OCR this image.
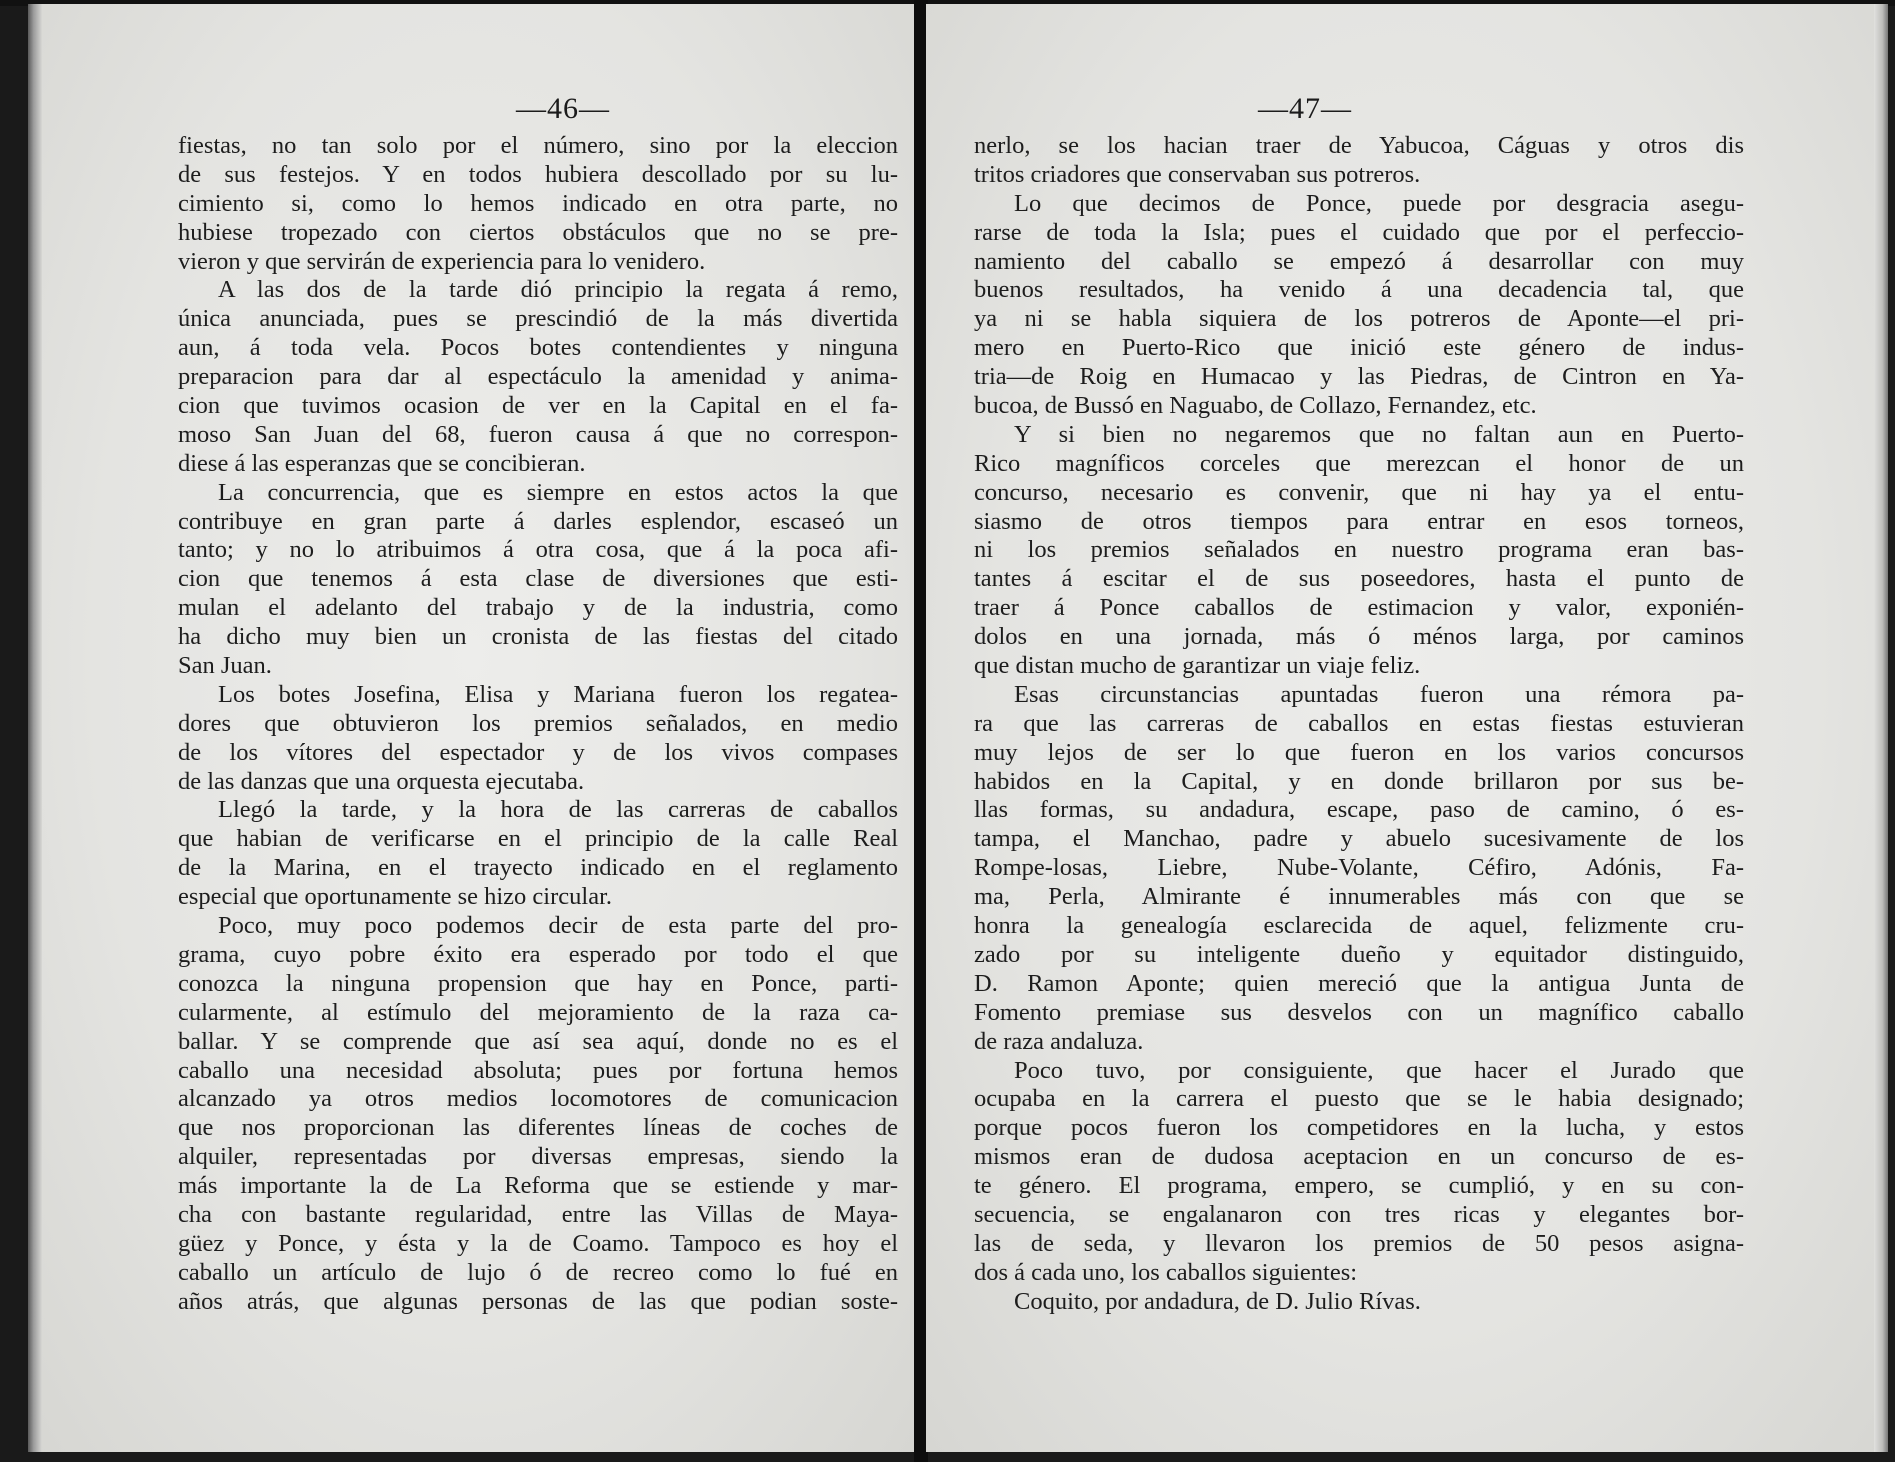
—46—
fiestas, no tan solo por el número, sino por la eleccion
de sus festejos. Y en todos hubiera descollado por su lu-
cimiento si, como lo hemos indicado en otra parte, no
hubiese tropezado con ciertos obstáculos que no se pre-
vieron y que servirán de experiencia para lo venidero.
A las dos de la tarde dió principio la regata á remo,
única anunciada, pues se prescindió de la más divertida
aun, á toda vela. Pocos botes contendientes y ninguna
preparacion para dar al espectáculo la amenidad y anima-
cion que tuvimos ocasion de ver en la Capital en el fa-
moso San Juan del 68, fueron causa á que no correspon-
diese á las esperanzas que se concibieran.
La concurrencia, que es siempre en estos actos la que
contribuye en gran parte á darles esplendor, escaseó un
tanto; y no lo atribuimos á otra cosa, que á la poca afi-
cion que tenemos á esta clase de diversiones que esti-
mulan el adelanto del trabajo y de la industria, como
ha dicho muy bien un cronista de las fiestas del citado
San Juan.
Los botes Josefina, Elisa y Mariana fueron los regatea-
dores que obtuvieron los premios señalados, en medio
de los vítores del espectador y de los vivos compases
de las danzas que una orquesta ejecutaba.
Llegó la tarde, y la hora de las carreras de caballos
que habian de verificarse en el principio de la calle Real
de la Marina, en el trayecto indicado en el reglamento
especial que oportunamente se hizo circular.
Poco, muy poco podemos decir de esta parte del pro-
grama, cuyo pobre éxito era esperado por todo el que
conozca la ninguna propension que hay en Ponce, parti-
cularmente, al estímulo del mejoramiento de la raza ca-
ballar. Y se comprende que así sea aquí, donde no es el
caballo una necesidad absoluta; pues por fortuna hemos
alcanzado ya otros medios locomotores de comunicacion
que nos proporcionan las diferentes líneas de coches de
alquiler, representadas por diversas empresas, siendo la
más importante la de La Reforma que se estiende y mar-
cha con bastante regularidad, entre las Villas de Maya-
güez y Ponce, y ésta y la de Coamo. Tampoco es hoy el
caballo un artículo de lujo ó de recreo como lo fué en
años atrás, que algunas personas de las que podian soste-
—47—
nerlo, se los hacian traer de Yabucoa, Cáguas y otros dis
tritos criadores que conservaban sus potreros.
Lo que decimos de Ponce, puede por desgracia asegu-
rarse de toda la Isla; pues el cuidado que por el perfeccio-
namiento del caballo se empezó á desarrollar con muy
buenos resultados, ha venido á una decadencia tal, que
ya ni se habla siquiera de los potreros de Aponte—el pri-
mero en Puerto-Rico que inició este género de indus-
tria—de Roig en Humacao y las Piedras, de Cintron en Ya-
bucoa, de Bussó en Naguabo, de Collazo, Fernandez, etc.
Y si bien no negaremos que no faltan aun en Puerto-
Rico magníficos corceles que merezcan el honor de un
concurso, necesario es convenir, que ni hay ya el entu-
siasmo de otros tiempos para entrar en esos torneos,
ni los premios señalados en nuestro programa eran bas-
tantes á escitar el de sus poseedores, hasta el punto de
traer á Ponce caballos de estimacion y valor, exponién-
dolos en una jornada, más ó ménos larga, por caminos
que distan mucho de garantizar un viaje feliz.
Esas circunstancias apuntadas fueron una rémora pa-
ra que las carreras de caballos en estas fiestas estuvieran
muy lejos de ser lo que fueron en los varios concursos
habidos en la Capital, y en donde brillaron por sus be-
llas formas, su andadura, escape, paso de camino, ó es-
tampa, el Manchao, padre y abuelo sucesivamente de los
Rompe-losas, Liebre, Nube-Volante, Céfiro, Adónis, Fa-
ma, Perla, Almirante é innumerables más con que se
honra la genealogía esclarecida de aquel, felizmente cru-
zado por su inteligente dueño y equitador distinguido,
D. Ramon Aponte; quien mereció que la antigua Junta de
Fomento premiase sus desvelos con un magnífico caballo
de raza andaluza.
Poco tuvo, por consiguiente, que hacer el Jurado que
ocupaba en la carrera el puesto que se le habia designado;
porque pocos fueron los competidores en la lucha, y estos
mismos eran de dudosa aceptacion en un concurso de es-
te género. El programa, empero, se cumplió, y en su con-
secuencia, se engalanaron con tres ricas y elegantes bor-
las de seda, y llevaron los premios de 50 pesos asigna-
dos á cada uno, los caballos siguientes:
Coquito, por andadura, de D. Julio Rívas.
